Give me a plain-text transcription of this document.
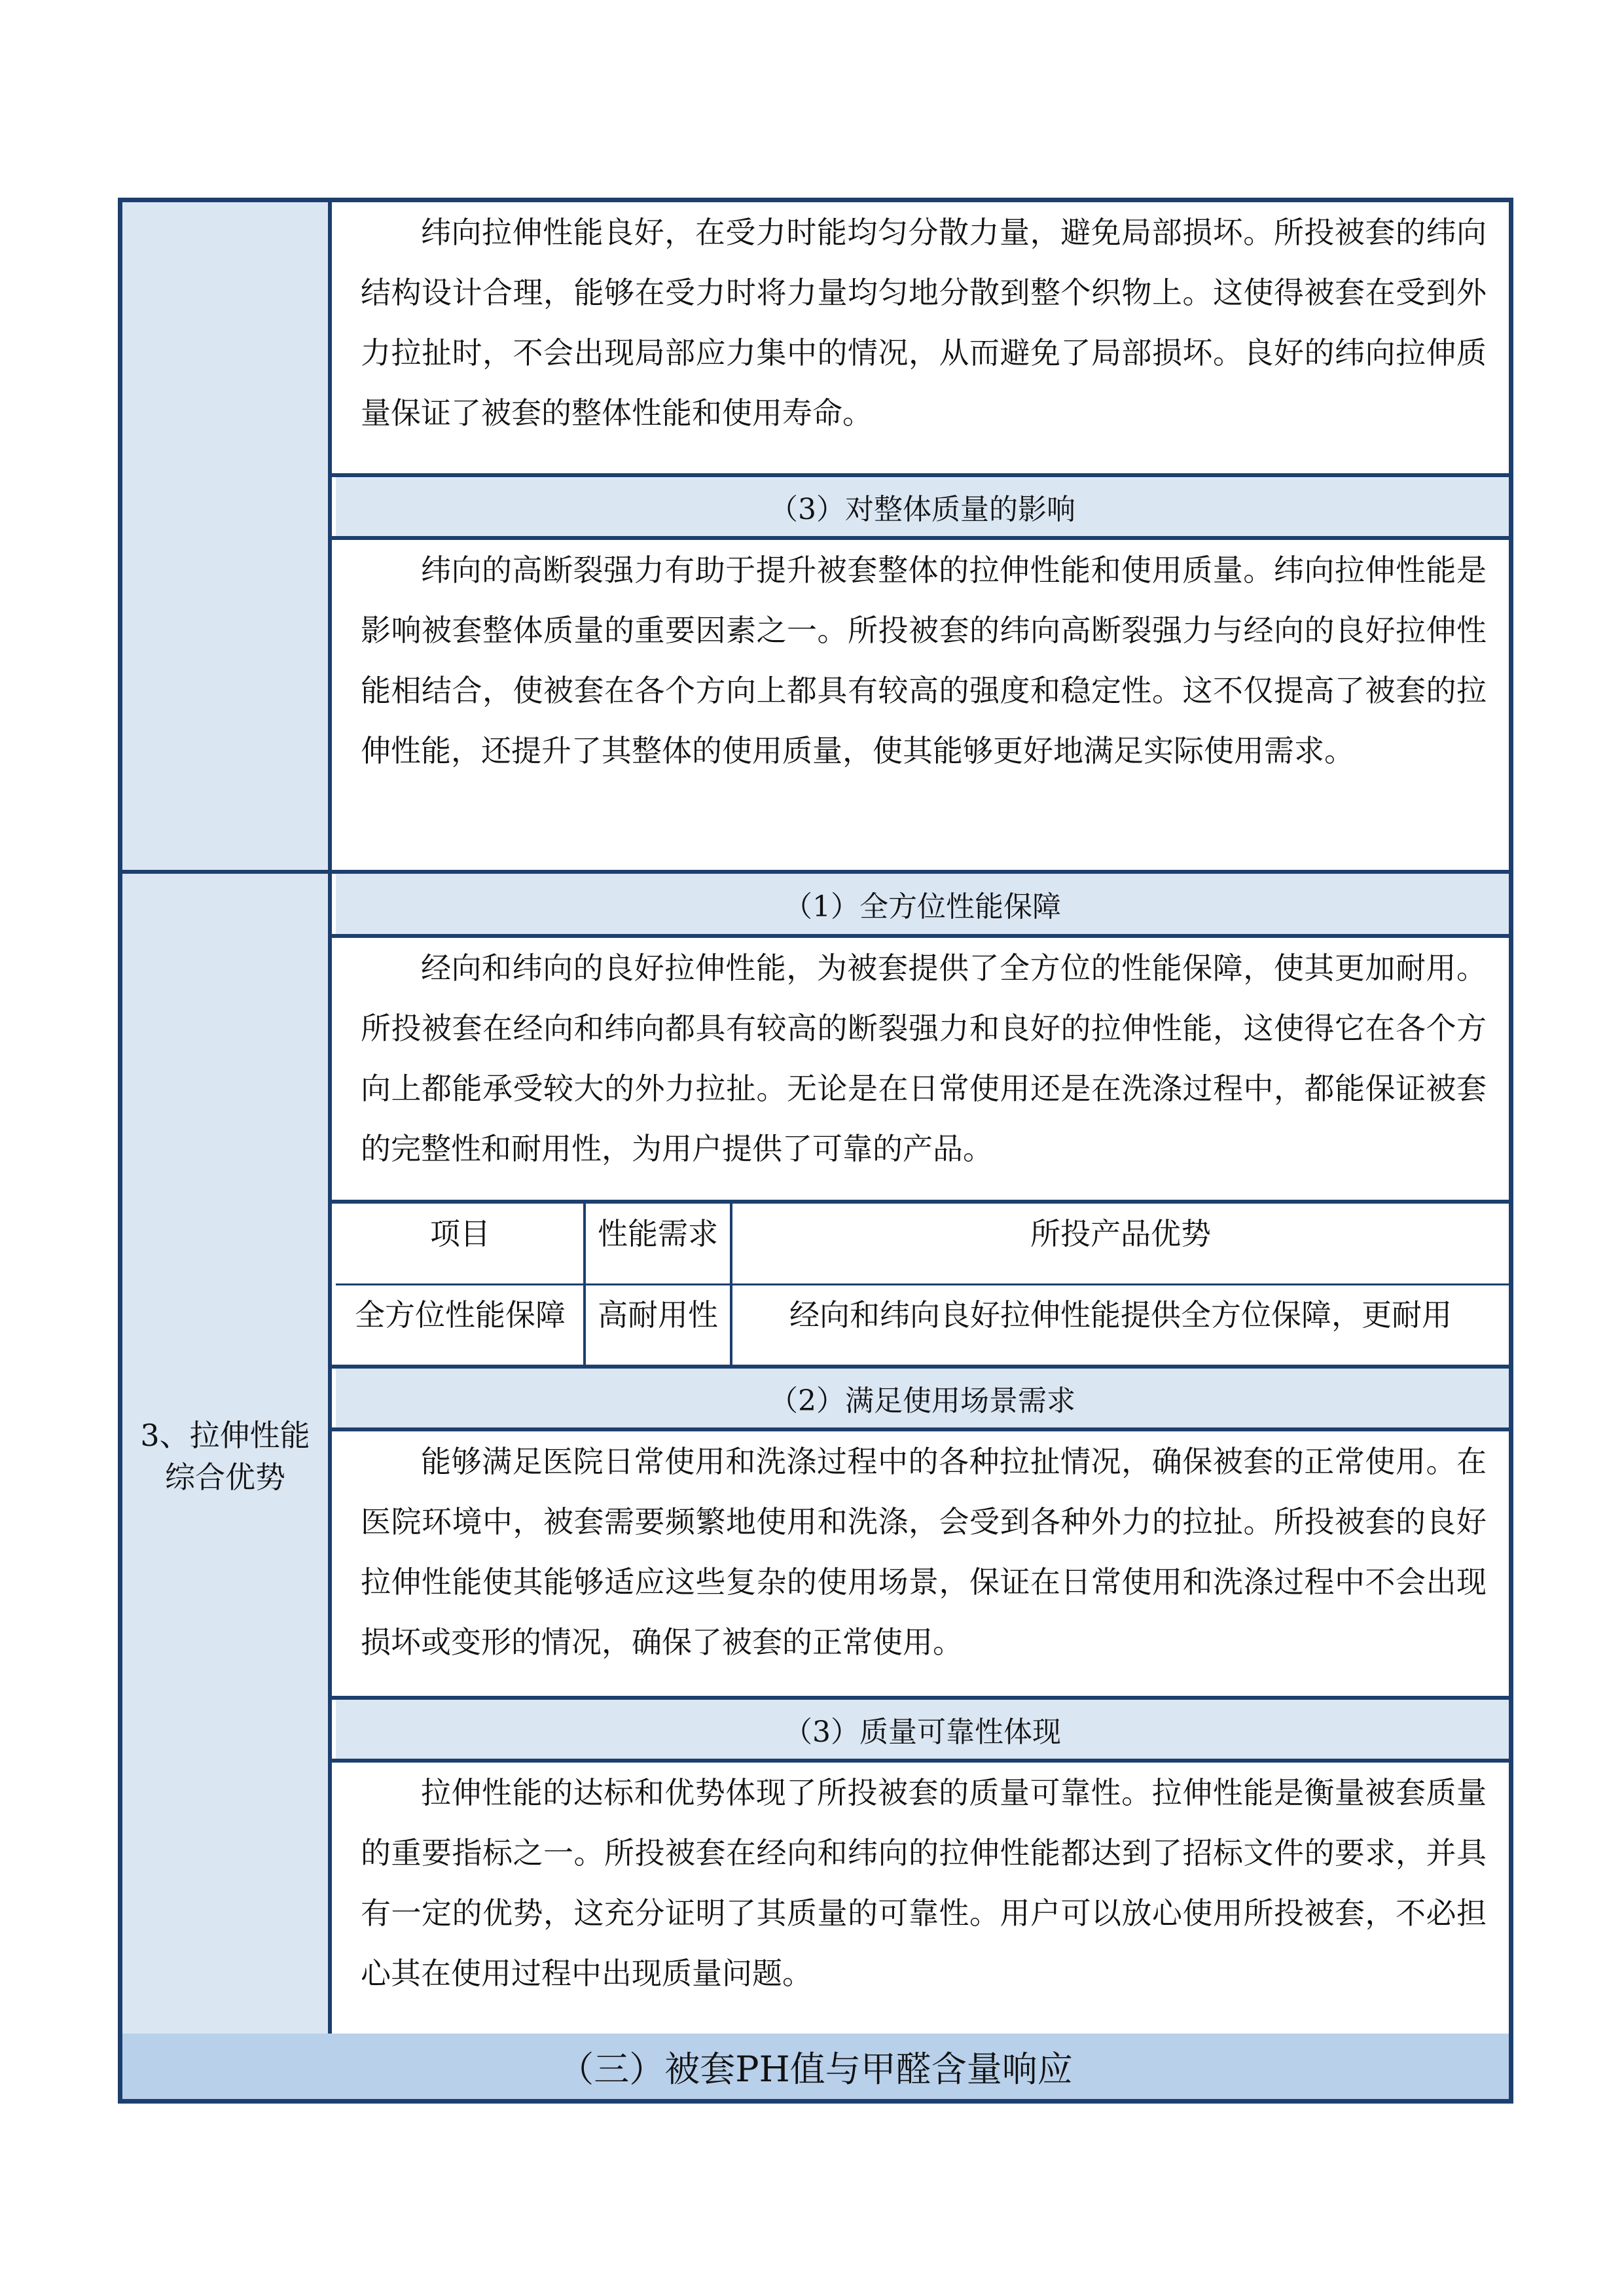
3、拉伸性能综合优势
纬向拉伸性能良好，在受力时能均匀分散力量，避免局部损坏。所投被套的纬向结构设计合理，能够在受力时将力量均匀地分散到整个织物上。这使得被套在受到外力拉扯时，不会出现局部应力集中的情况，从而避免了局部损坏。良好的纬向拉伸质量保证了被套的整体性能和使用寿命。
（3）对整体质量的影响
纬向的高断裂强力有助于提升被套整体的拉伸性能和使用质量。纬向拉伸性能是影响被套整体质量的重要因素之一。所投被套的纬向高断裂强力与经向的良好拉伸性能相结合，使被套在各个方向上都具有较高的强度和稳定性。这不仅提高了被套的拉伸性能，还提升了其整体的使用质量，使其能够更好地满足实际使用需求。
（1）全方位性能保障
经向和纬向的良好拉伸性能，为被套提供了全方位的性能保障，使其更加耐用。所投被套在经向和纬向都具有较高的断裂强力和良好的拉伸性能，这使得它在各个方向上都能承受较大的外力拉扯。无论是在日常使用还是在洗涤过程中，都能保证被套的完整性和耐用性，为用户提供了可靠的产品。
项目	性能需求	所投产品优势
全方位性能保障	高耐用性	经向和纬向良好拉伸性能提供全方位保障，更耐用
（2）满足使用场景需求
能够满足医院日常使用和洗涤过程中的各种拉扯情况，确保被套的正常使用。在医院环境中，被套需要频繁地使用和洗涤，会受到各种外力的拉扯。所投被套的良好拉伸性能使其能够适应这些复杂的使用场景，保证在日常使用和洗涤过程中不会出现损坏或变形的情况，确保了被套的正常使用。
（3）质量可靠性体现
拉伸性能的达标和优势体现了所投被套的质量可靠性。拉伸性能是衡量被套质量的重要指标之一。所投被套在经向和纬向的拉伸性能都达到了招标文件的要求，并具有一定的优势，这充分证明了其质量的可靠性。用户可以放心使用所投被套，不必担心其在使用过程中出现质量问题。
（三）被套PH值与甲醛含量响应
